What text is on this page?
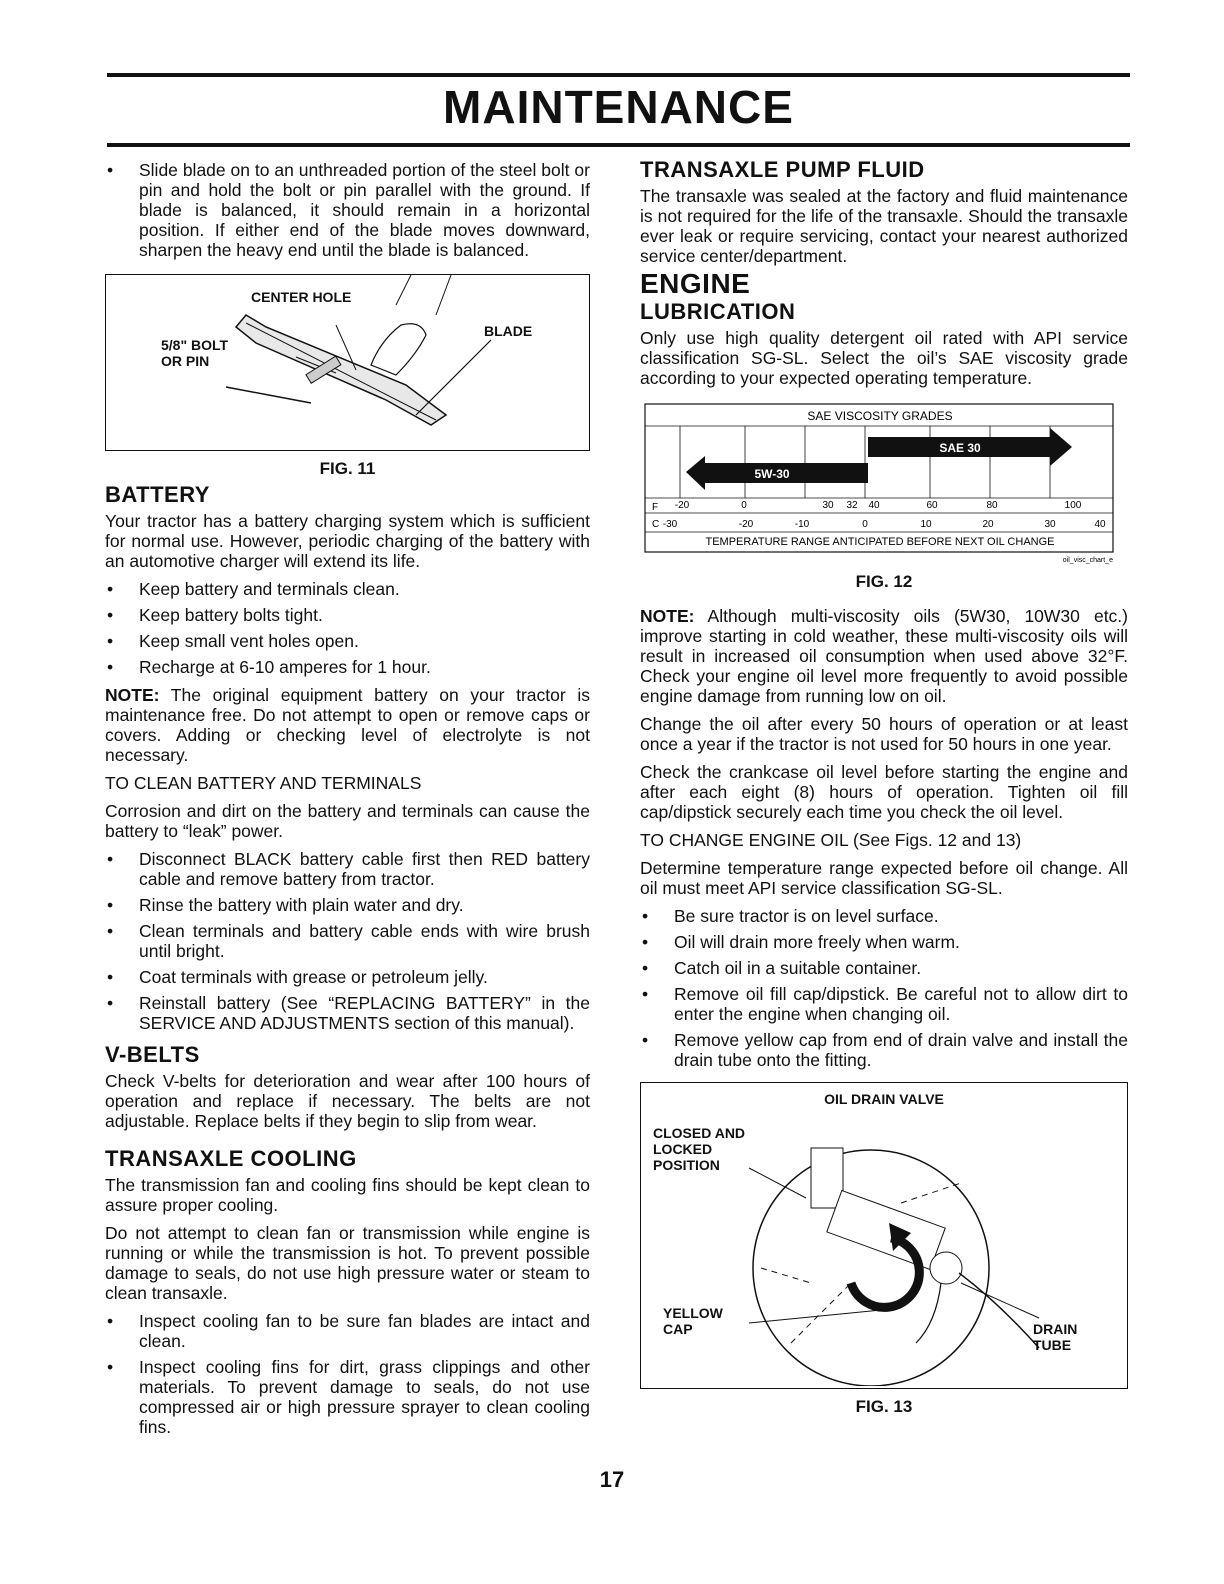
MAINTENANCE
• Slide blade on to an unthreaded portion of the steel bolt or pin and hold the bolt or pin parallel with the ground. If blade is balanced, it should remain in a horizontal position. If either end of the blade moves downward, sharpen the heavy end until the blade is balanced.
CENTER HOLE
BLADE
5/8" BOLT
OR PIN
FIG. 11
BATTERY

Your tractor has a battery charging system which is sufficient for normal use. However, periodic charging of the battery with an automotive charger will extend its life.

• Keep battery and terminals clean.
• Keep battery bolts tight.
• Keep small vent holes open.
• Recharge at 6-10 amperes for 1 hour.

NOTE: The original equipment battery on your tractor is maintenance free. Do not attempt to open or remove caps or covers. Adding or checking level of electrolyte is not necessary.

TO CLEAN BATTERY AND TERMINALS

Corrosion and dirt on the battery and terminals can cause the battery to “leak” power.

• Disconnect BLACK battery cable first then RED battery cable and remove battery from tractor.
• Rinse the battery with plain water and dry.
• Clean terminals and battery cable ends with wire brush until bright.
• Coat terminals with grease or petroleum jelly.
• Reinstall battery (See “REPLACING BATTERY” in the SERVICE AND ADJUSTMENTS section of this manual).
V-BELTS

Check V-belts for deterioration and wear after 100 hours of operation and replace if necessary. The belts are not adjustable. Replace belts if they begin to slip from wear.

TRANSAXLE COOLING

The transmission fan and cooling fins should be kept clean to assure proper cooling.

Do not attempt to clean fan or transmission while engine is running or while the transmission is hot. To prevent possible damage to seals, do not use high pressure water or steam to clean transaxle.

• Inspect cooling fan to be sure fan blades are intact and clean.
• Inspect cooling fins for dirt, grass clippings and other materials. To prevent damage to seals, do not use compressed air or high pressure sprayer to clean cooling fins.
TRANSAXLE PUMP FLUID

The transaxle was sealed at the factory and fluid maintenance is not required for the life of the transaxle. Should the transaxle ever leak or require servicing, contact your nearest authorized service center/department.

ENGINE
LUBRICATION

Only use high quality detergent oil rated with API service classification SG-SL. Select the oil’s SAE viscosity grade according to your expected operating temperature.

SAE VISCOSITY GRADES
SAE 30
5W-30
F -20	0	30 32 40	60	80	100
C -30	-20	-10	0	10	20	30	40
TEMPERATURE RANGE ANTICIPATED BEFORE NEXT OIL CHANGE
oil_visc_chart_e
FIG. 12

NOTE: Although multi-viscosity oils (5W30, 10W30 etc.) improve starting in cold weather, these multi-viscosity oils will result in increased oil consumption when used above 32°F. Check your engine oil level more frequently to avoid possible engine damage from running low on oil.

Change the oil after every 50 hours of operation or at least once a year if the tractor is not used for 50 hours in one year.

Check the crankcase oil level before starting the engine and after each eight (8) hours of operation. Tighten oil fill cap/dipstick securely each time you check the oil level.

TO CHANGE ENGINE OIL (See Figs. 12 and 13)

Determine temperature range expected before oil change. All oil must meet API service classification SG-SL.

• Be sure tractor is on level surface.
• Oil will drain more freely when warm.
• Catch oil in a suitable container.
• Remove oil fill cap/dipstick. Be careful not to allow dirt to enter the engine when changing oil.
• Remove yellow cap from end of drain valve and install the drain tube onto the fitting.
OIL DRAIN VALVE
CLOSED AND
LOCKED
POSITION
YELLOW
CAP	DRAIN
TUBE
FIG. 13
17
